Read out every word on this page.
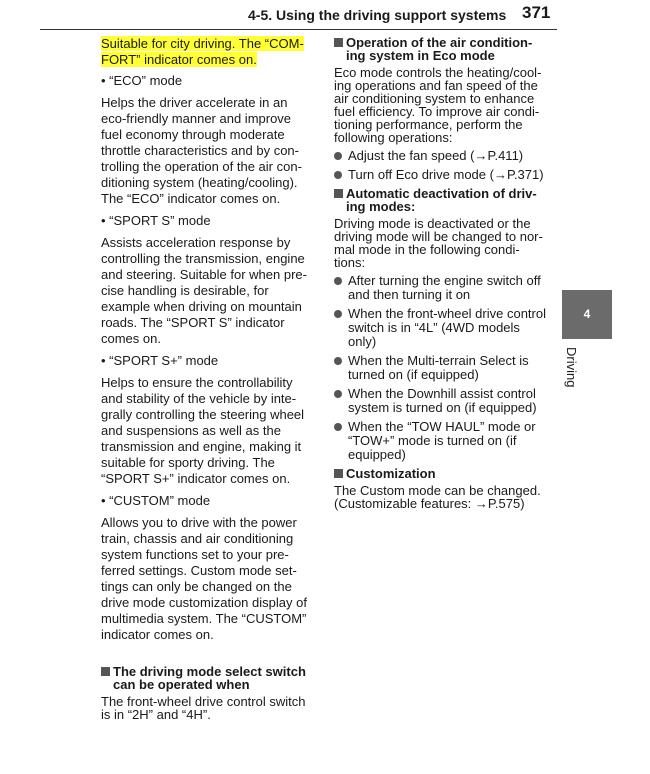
4-5. Using the driving support systems 371

Suitable for city driving. The “COM-FORT” indicator comes on.

• “ECO” mode

Helps the driver accelerate in an eco-friendly manner and improve fuel economy through moderate throttle characteristics and by con-trolling the operation of the air con-ditioning system (heating/cooling). The “ECO” indicator comes on.

• “SPORT S” mode

Assists acceleration response by controlling the transmission, engine and steering. Suitable for when pre-cise handling is desirable, for example when driving on mountain roads. The “SPORT S” indicator comes on.

• “SPORT S+” mode

Helps to ensure the controllability and stability of the vehicle by inte-grally controlling the steering wheel and suspensions as well as the transmission and engine, making it suitable for sporty driving. The “SPORT S+” indicator comes on.

• “CUSTOM” mode

Allows you to drive with the power train, chassis and air conditioning system functions set to your pre-ferred settings. Custom mode set-tings can only be changed on the drive mode customization display of multimedia system. The “CUSTOM” indicator comes on.

The driving mode select switch can be operated when

The front-wheel drive control switch is in “2H” and “4H”.

Operation of the air condition-ing system in Eco mode

Eco mode controls the heating/cool-ing operations and fan speed of the air conditioning system to enhance fuel efficiency. To improve air condi-tioning performance, perform the following operations:

Adjust the fan speed (→P.411)

Turn off Eco drive mode (→P.371)

Automatic deactivation of driv-ing modes:

Driving mode is deactivated or the driving mode will be changed to nor-mal mode in the following condi-tions:

After turning the engine switch off and then turning it on

When the front-wheel drive control switch is in “4L” (4WD models only)

When the Multi-terrain Select is turned on (if equipped)

When the Downhill assist control system is turned on (if equipped)

When the “TOW HAUL” mode or “TOW+” mode is turned on (if equipped)

Customization

The Custom mode can be changed. (Customizable features: →P.575)

4
Driving
